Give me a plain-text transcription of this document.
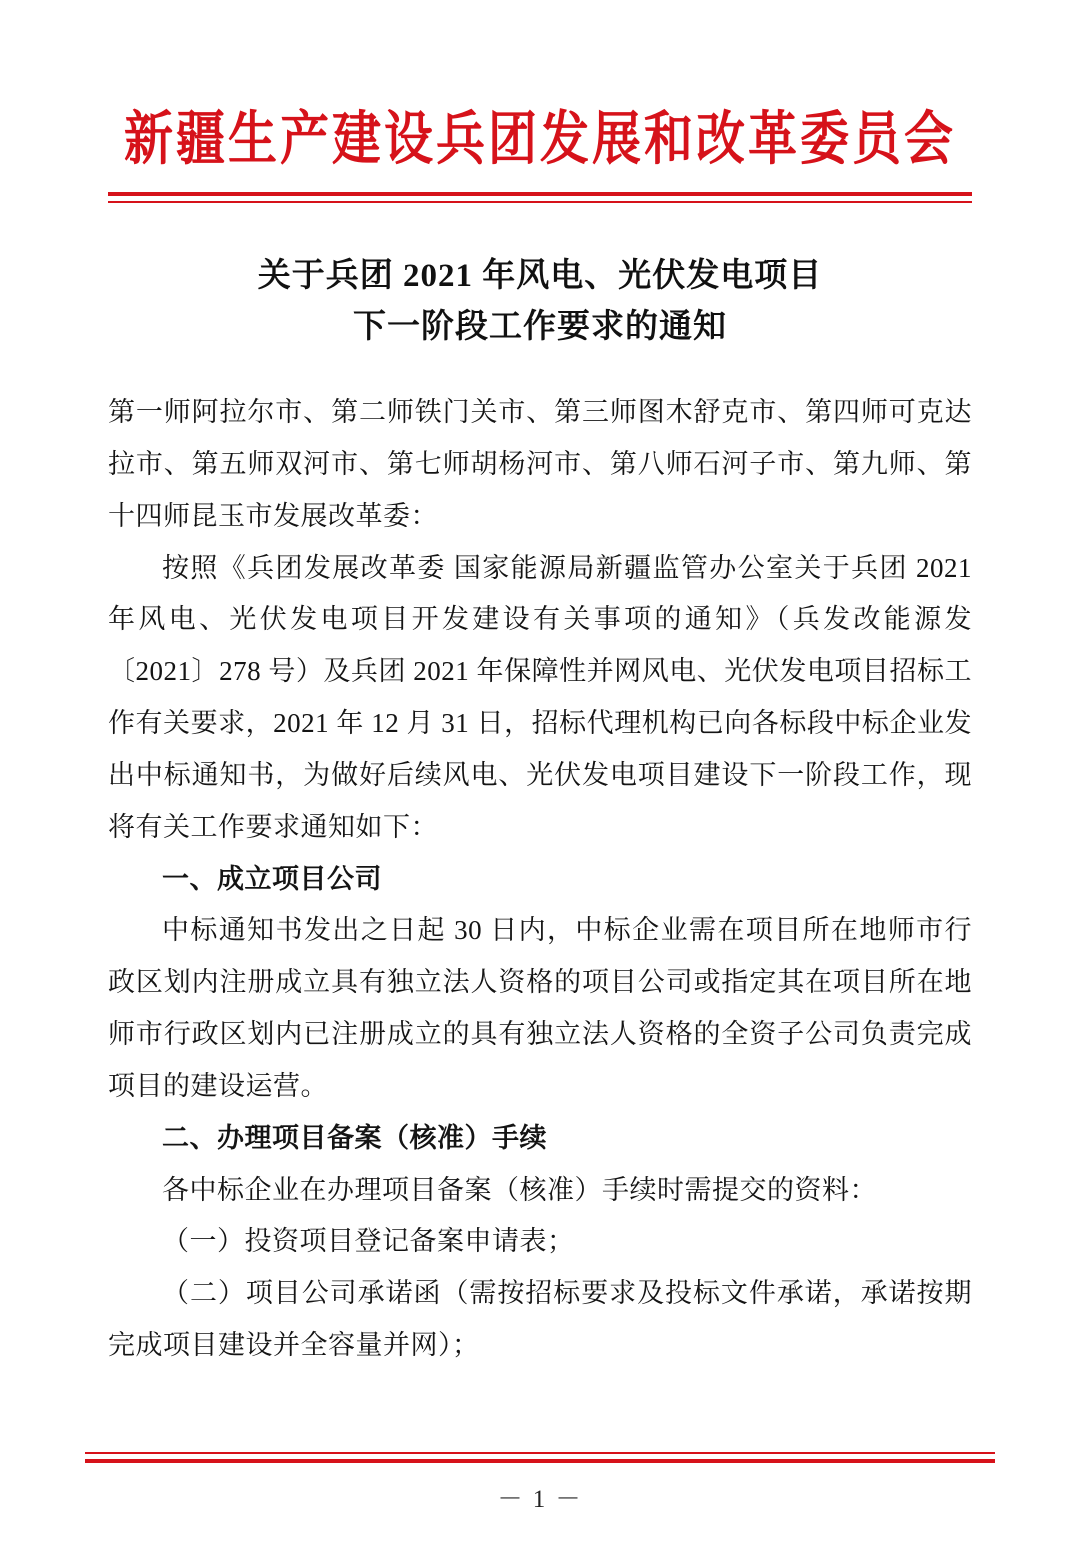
新疆生产建设兵团发展和改革委员会
关于兵团 2021 年风电、光伏发电项目
下一阶段工作要求的通知

第一师阿拉尔市、第二师铁门关市、第三师图木舒克市、第四师可克达拉市、第五师双河市、第七师胡杨河市、第八师石河子市、第九师、第十四师昆玉市发展改革委：

按照《兵团发展改革委 国家能源局新疆监管办公室关于兵团 2021 年风电、光伏发电项目开发建设有关事项的通知》（兵发改能源发〔2021〕278 号）及兵团 2021 年保障性并网风电、光伏发电项目招标工作有关要求，2021 年 12 月 31 日，招标代理机构已向各标段中标企业发出中标通知书，为做好后续风电、光伏发电项目建设下一阶段工作，现将有关工作要求通知如下：

一、成立项目公司

中标通知书发出之日起 30 日内，中标企业需在项目所在地师市行政区划内注册成立具有独立法人资格的项目公司或指定其在项目所在地师市行政区划内已注册成立的具有独立法人资格的全资子公司负责完成项目的建设运营。

二、办理项目备案（核准）手续

各中标企业在办理项目备案（核准）手续时需提交的资料：

（一）投资项目登记备案申请表；

（二）项目公司承诺函（需按招标要求及投标文件承诺，承诺按期完成项目建设并全容量并网）；

－ 1 －
